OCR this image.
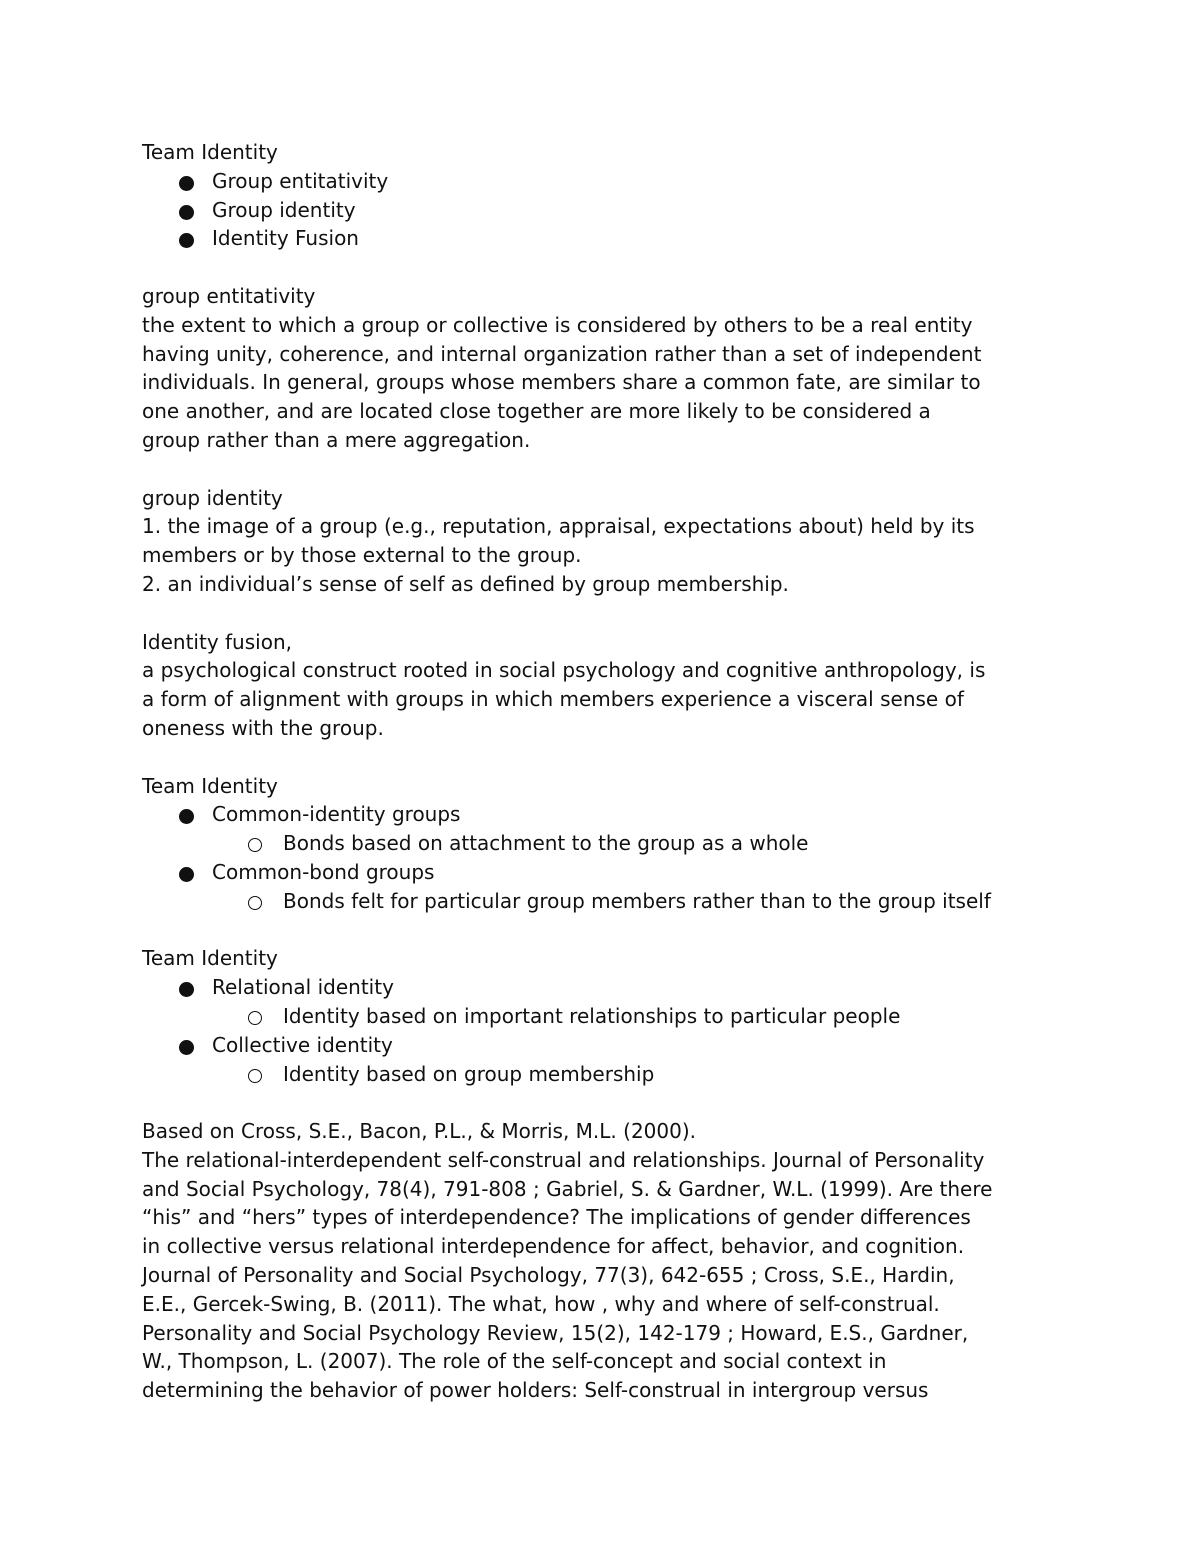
Team Identity
Group entitativity
Group identity
Identity Fusion
group entitativity
the extent to which a group or collective is considered by others to be a real entity
having unity, coherence, and internal organization rather than a set of independent
individuals. In general, groups whose members share a common fate, are similar to
one another, and are located close together are more likely to be considered a
group rather than a mere aggregation.
group identity
1. the image of a group (e.g., reputation, appraisal, expectations about) held by its
members or by those external to the group.
2. an individual’s sense of self as defined by group membership.
Identity fusion,
a psychological construct rooted in social psychology and cognitive anthropology, is
a form of alignment with groups in which members experience a visceral sense of
oneness with the group.
Team Identity
Common-identity groups
Bonds based on attachment to the group as a whole
Common-bond groups
Bonds felt for particular group members rather than to the group itself
Team Identity
Relational identity
Identity based on important relationships to particular people
Collective identity
Identity based on group membership
Based on Cross, S.E., Bacon, P.L., & Morris, M.L. (2000).
The relational-interdependent self-construal and relationships. Journal of Personality
and Social Psychology, 78(4), 791-808 ; Gabriel, S. & Gardner, W.L. (1999). Are there
“his” and “hers” types of interdependence? The implications of gender differences
in collective versus relational interdependence for affect, behavior, and cognition.
Journal of Personality and Social Psychology, 77(3), 642-655 ; Cross, S.E., Hardin,
E.E., Gercek-Swing, B. (2011). The what, how , why and where of self-construal.
Personality and Social Psychology Review, 15(2), 142-179 ; Howard, E.S., Gardner,
W., Thompson, L. (2007). The role of the self-concept and social context in
determining the behavior of power holders: Self-construal in intergroup versus
